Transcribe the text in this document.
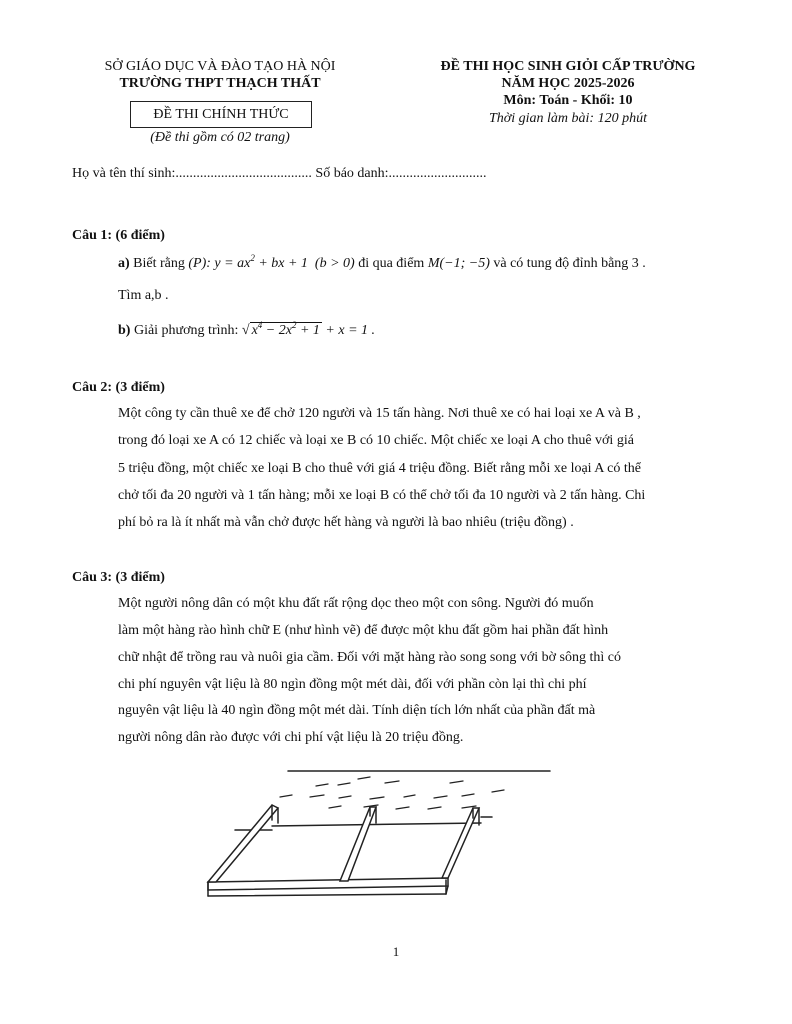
SỞ GIÁO DỤC VÀ ĐÀO TẠO HÀ NỘI
TRƯỜNG THPT THẠCH THẤT
ĐỀ THI CHÍNH THỨC
(Đề thi gồm có 02 trang)
ĐỀ THI HỌC SINH GIỎI CẤP TRƯỜNG
NĂM HỌC 2025-2026
Môn: Toán - Khối: 10
Thời gian làm bài: 120 phút
Họ và tên thí sinh:....................................... Số báo danh:............................
Câu 1: (6 điểm)
a) Biết rằng (P): $y = ax^2$ + bx + 1  (b > 0) đi qua điểm M(−1; −5) và có tung độ đỉnh bằng 3 .
Tìm a,b .
b) Giải phương trình: √ $x^4 - 2x^2 + 1 + x = 1$ .
Câu 2: (3 điểm)
Một công ty cần thuê xe để chở 120 người và 15 tấn hàng. Nơi thuê xe có hai loại xe A và B ,
trong đó loại xe A có 12 chiếc và loại xe B có 10 chiếc. Một chiếc xe loại A cho thuê với giá
5 triệu đồng, một chiếc xe loại B cho thuê với giá 4 triệu đồng. Biết rằng mỗi xe loại A có thể
chở tối đa 20 người và 1 tấn hàng; mỗi xe loại B có thể chở tối đa 10 người và 2 tấn hàng. Chi
phí bỏ ra là ít nhất mà vẫn chở được hết hàng và người là bao nhiêu (triệu đồng) .
Câu 3: (3 điểm)
Một người nông dân có một khu đất rất rộng dọc theo một con sông. Người đó muốn
làm một hàng rào hình chữ E (như hình vẽ) để được một khu đất gồm hai phần đất hình
chữ nhật để trồng rau và nuôi gia cầm. Đối với mặt hàng rào song song với bờ sông thì có
chi phí nguyên vật liệu là 80 ngìn đồng một mét dài, đối với phần còn lại thì chi phí
nguyên vật liệu là 40 ngìn đồng một mét dài. Tính diện tích lớn nhất của phần đất mà
người nông dân rào được với chi phí vật liệu là 20 triệu đồng.
1
